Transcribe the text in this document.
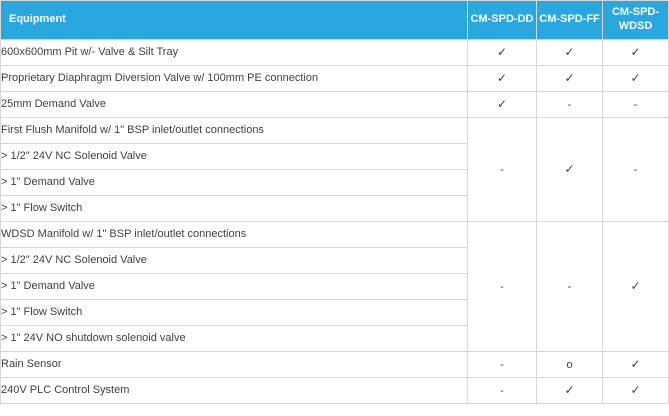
Equipment	CM-SPD-DD	CM-SPD-FF	CM-SPD-WDSD
600x600mm Pit w/- Valve & Silt Tray	✓	✓	✓
Proprietary Diaphragm Diversion Valve w/ 100mm PE connection	✓	✓	✓
25mm Demand Valve	✓	-	-
First Flush Manifold w/ 1" BSP inlet/outlet connections	-	✓	-
> 1/2" 24V NC Solenoid Valve			
> 1" Demand Valve			
> 1" Flow Switch			
WDSD Manifold w/ 1" BSP inlet/outlet connections	-	-	✓
> 1/2" 24V NC Solenoid Valve			
> 1" Demand Valve			
> 1" Flow Switch			
> 1" 24V NO shutdown solenoid valve			
Rain Sensor	-	o	✓
240V PLC Control System	-	✓	✓
